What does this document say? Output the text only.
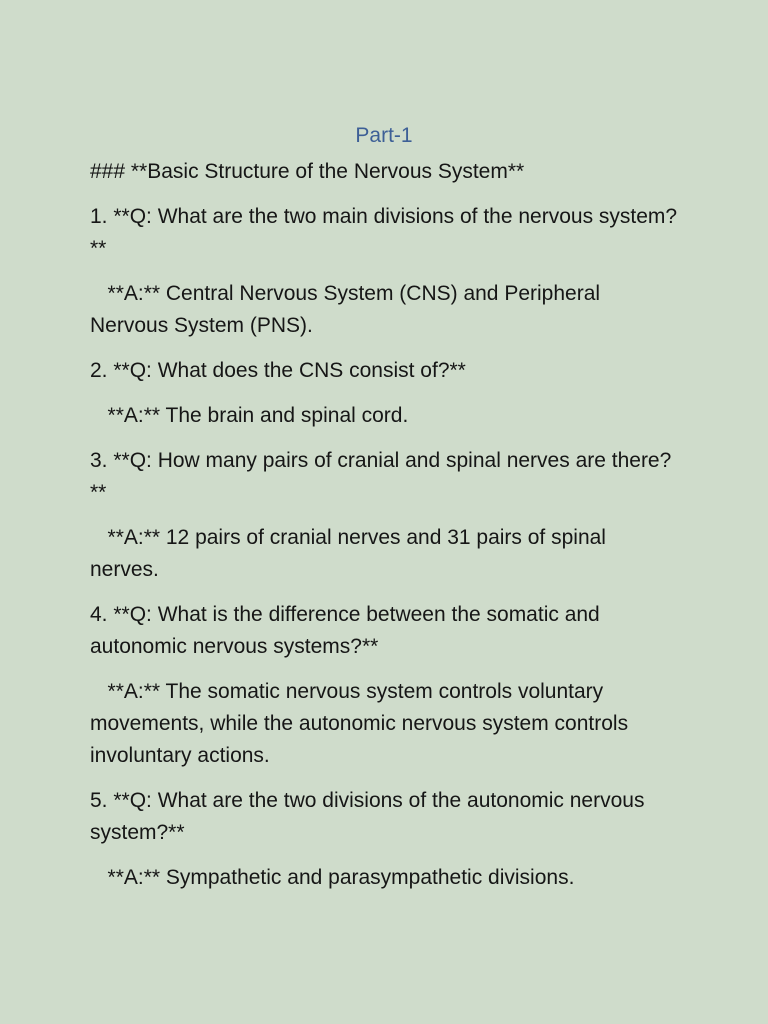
Part-1
### **Basic Structure of the Nervous System**
1. **Q: What are the two main divisions of the nervous system?**
**A:** Central Nervous System (CNS) and Peripheral Nervous System (PNS).
2. **Q: What does the CNS consist of?**
**A:** The brain and spinal cord.
3. **Q: How many pairs of cranial and spinal nerves are there?**
**A:** 12 pairs of cranial nerves and 31 pairs of spinal nerves.
4. **Q: What is the difference between the somatic and autonomic nervous systems?**
**A:** The somatic nervous system controls voluntary movements, while the autonomic nervous system controls involuntary actions.
5. **Q: What are the two divisions of the autonomic nervous system?**
**A:** Sympathetic and parasympathetic divisions.
